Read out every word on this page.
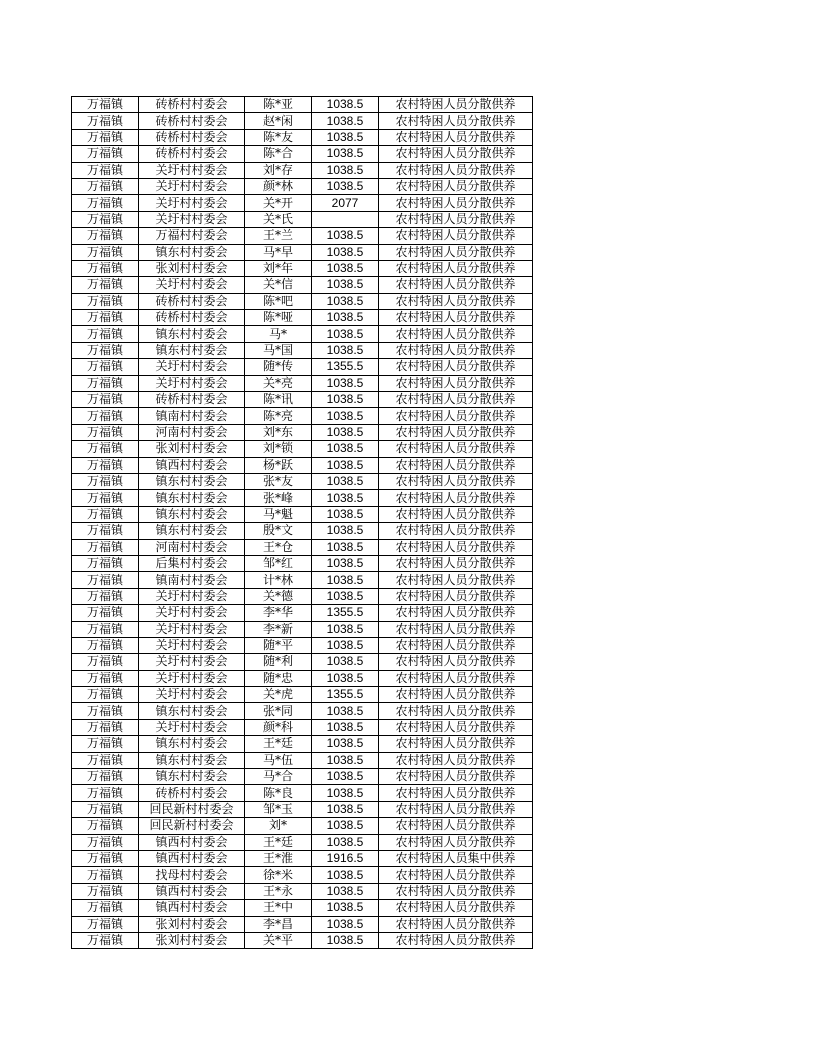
万福镇	砖桥村村委会	陈*亚	1038.5	农村特困人员分散供养
万福镇	砖桥村村委会	赵*闲	1038.5	农村特困人员分散供养
万福镇	砖桥村村委会	陈*友	1038.5	农村特困人员分散供养
万福镇	砖桥村村委会	陈*合	1038.5	农村特困人员分散供养
万福镇	关圩村村委会	刘*存	1038.5	农村特困人员分散供养
万福镇	关圩村村委会	颜*林	1038.5	农村特困人员分散供养
万福镇	关圩村村委会	关*开	2077	农村特困人员分散供养
万福镇	关圩村村委会	关*氏		农村特困人员分散供养
万福镇	万福村村委会	王*兰	1038.5	农村特困人员分散供养
万福镇	镇东村村委会	马*早	1038.5	农村特困人员分散供养
万福镇	张刘村村委会	刘*年	1038.5	农村特困人员分散供养
万福镇	关圩村村委会	关*信	1038.5	农村特困人员分散供养
万福镇	砖桥村村委会	陈*吧	1038.5	农村特困人员分散供养
万福镇	砖桥村村委会	陈*哑	1038.5	农村特困人员分散供养
万福镇	镇东村村委会	马*	1038.5	农村特困人员分散供养
万福镇	镇东村村委会	马*国	1038.5	农村特困人员分散供养
万福镇	关圩村村委会	随*传	1355.5	农村特困人员分散供养
万福镇	关圩村村委会	关*亮	1038.5	农村特困人员分散供养
万福镇	砖桥村村委会	陈*讯	1038.5	农村特困人员分散供养
万福镇	镇南村村委会	陈*亮	1038.5	农村特困人员分散供养
万福镇	河南村村委会	刘*东	1038.5	农村特困人员分散供养
万福镇	张刘村村委会	刘*锁	1038.5	农村特困人员分散供养
万福镇	镇西村村委会	杨*跃	1038.5	农村特困人员分散供养
万福镇	镇东村村委会	张*友	1038.5	农村特困人员分散供养
万福镇	镇东村村委会	张*峰	1038.5	农村特困人员分散供养
万福镇	镇东村村委会	马*魁	1038.5	农村特困人员分散供养
万福镇	镇东村村委会	殷*文	1038.5	农村特困人员分散供养
万福镇	河南村村委会	王*仓	1038.5	农村特困人员分散供养
万福镇	后集村村委会	邹*红	1038.5	农村特困人员分散供养
万福镇	镇南村村委会	计*林	1038.5	农村特困人员分散供养
万福镇	关圩村村委会	关*德	1038.5	农村特困人员分散供养
万福镇	关圩村村委会	李*华	1355.5	农村特困人员分散供养
万福镇	关圩村村委会	李*新	1038.5	农村特困人员分散供养
万福镇	关圩村村委会	随*平	1038.5	农村特困人员分散供养
万福镇	关圩村村委会	随*利	1038.5	农村特困人员分散供养
万福镇	关圩村村委会	随*忠	1038.5	农村特困人员分散供养
万福镇	关圩村村委会	关*虎	1355.5	农村特困人员分散供养
万福镇	镇东村村委会	张*同	1038.5	农村特困人员分散供养
万福镇	关圩村村委会	颜*科	1038.5	农村特困人员分散供养
万福镇	镇东村村委会	王*廷	1038.5	农村特困人员分散供养
万福镇	镇东村村委会	马*伍	1038.5	农村特困人员分散供养
万福镇	镇东村村委会	马*合	1038.5	农村特困人员分散供养
万福镇	砖桥村村委会	陈*良	1038.5	农村特困人员分散供养
万福镇	回民新村村委会	邹*玉	1038.5	农村特困人员分散供养
万福镇	回民新村村委会	刘*	1038.5	农村特困人员分散供养
万福镇	镇西村村委会	王*廷	1038.5	农村特困人员分散供养
万福镇	镇西村村委会	王*淮	1916.5	农村特困人员集中供养
万福镇	找母村村委会	徐*米	1038.5	农村特困人员分散供养
万福镇	镇西村村委会	王*永	1038.5	农村特困人员分散供养
万福镇	镇西村村委会	王*中	1038.5	农村特困人员分散供养
万福镇	张刘村村委会	李*昌	1038.5	农村特困人员分散供养
万福镇	张刘村村委会	关*平	1038.5	农村特困人员分散供养
